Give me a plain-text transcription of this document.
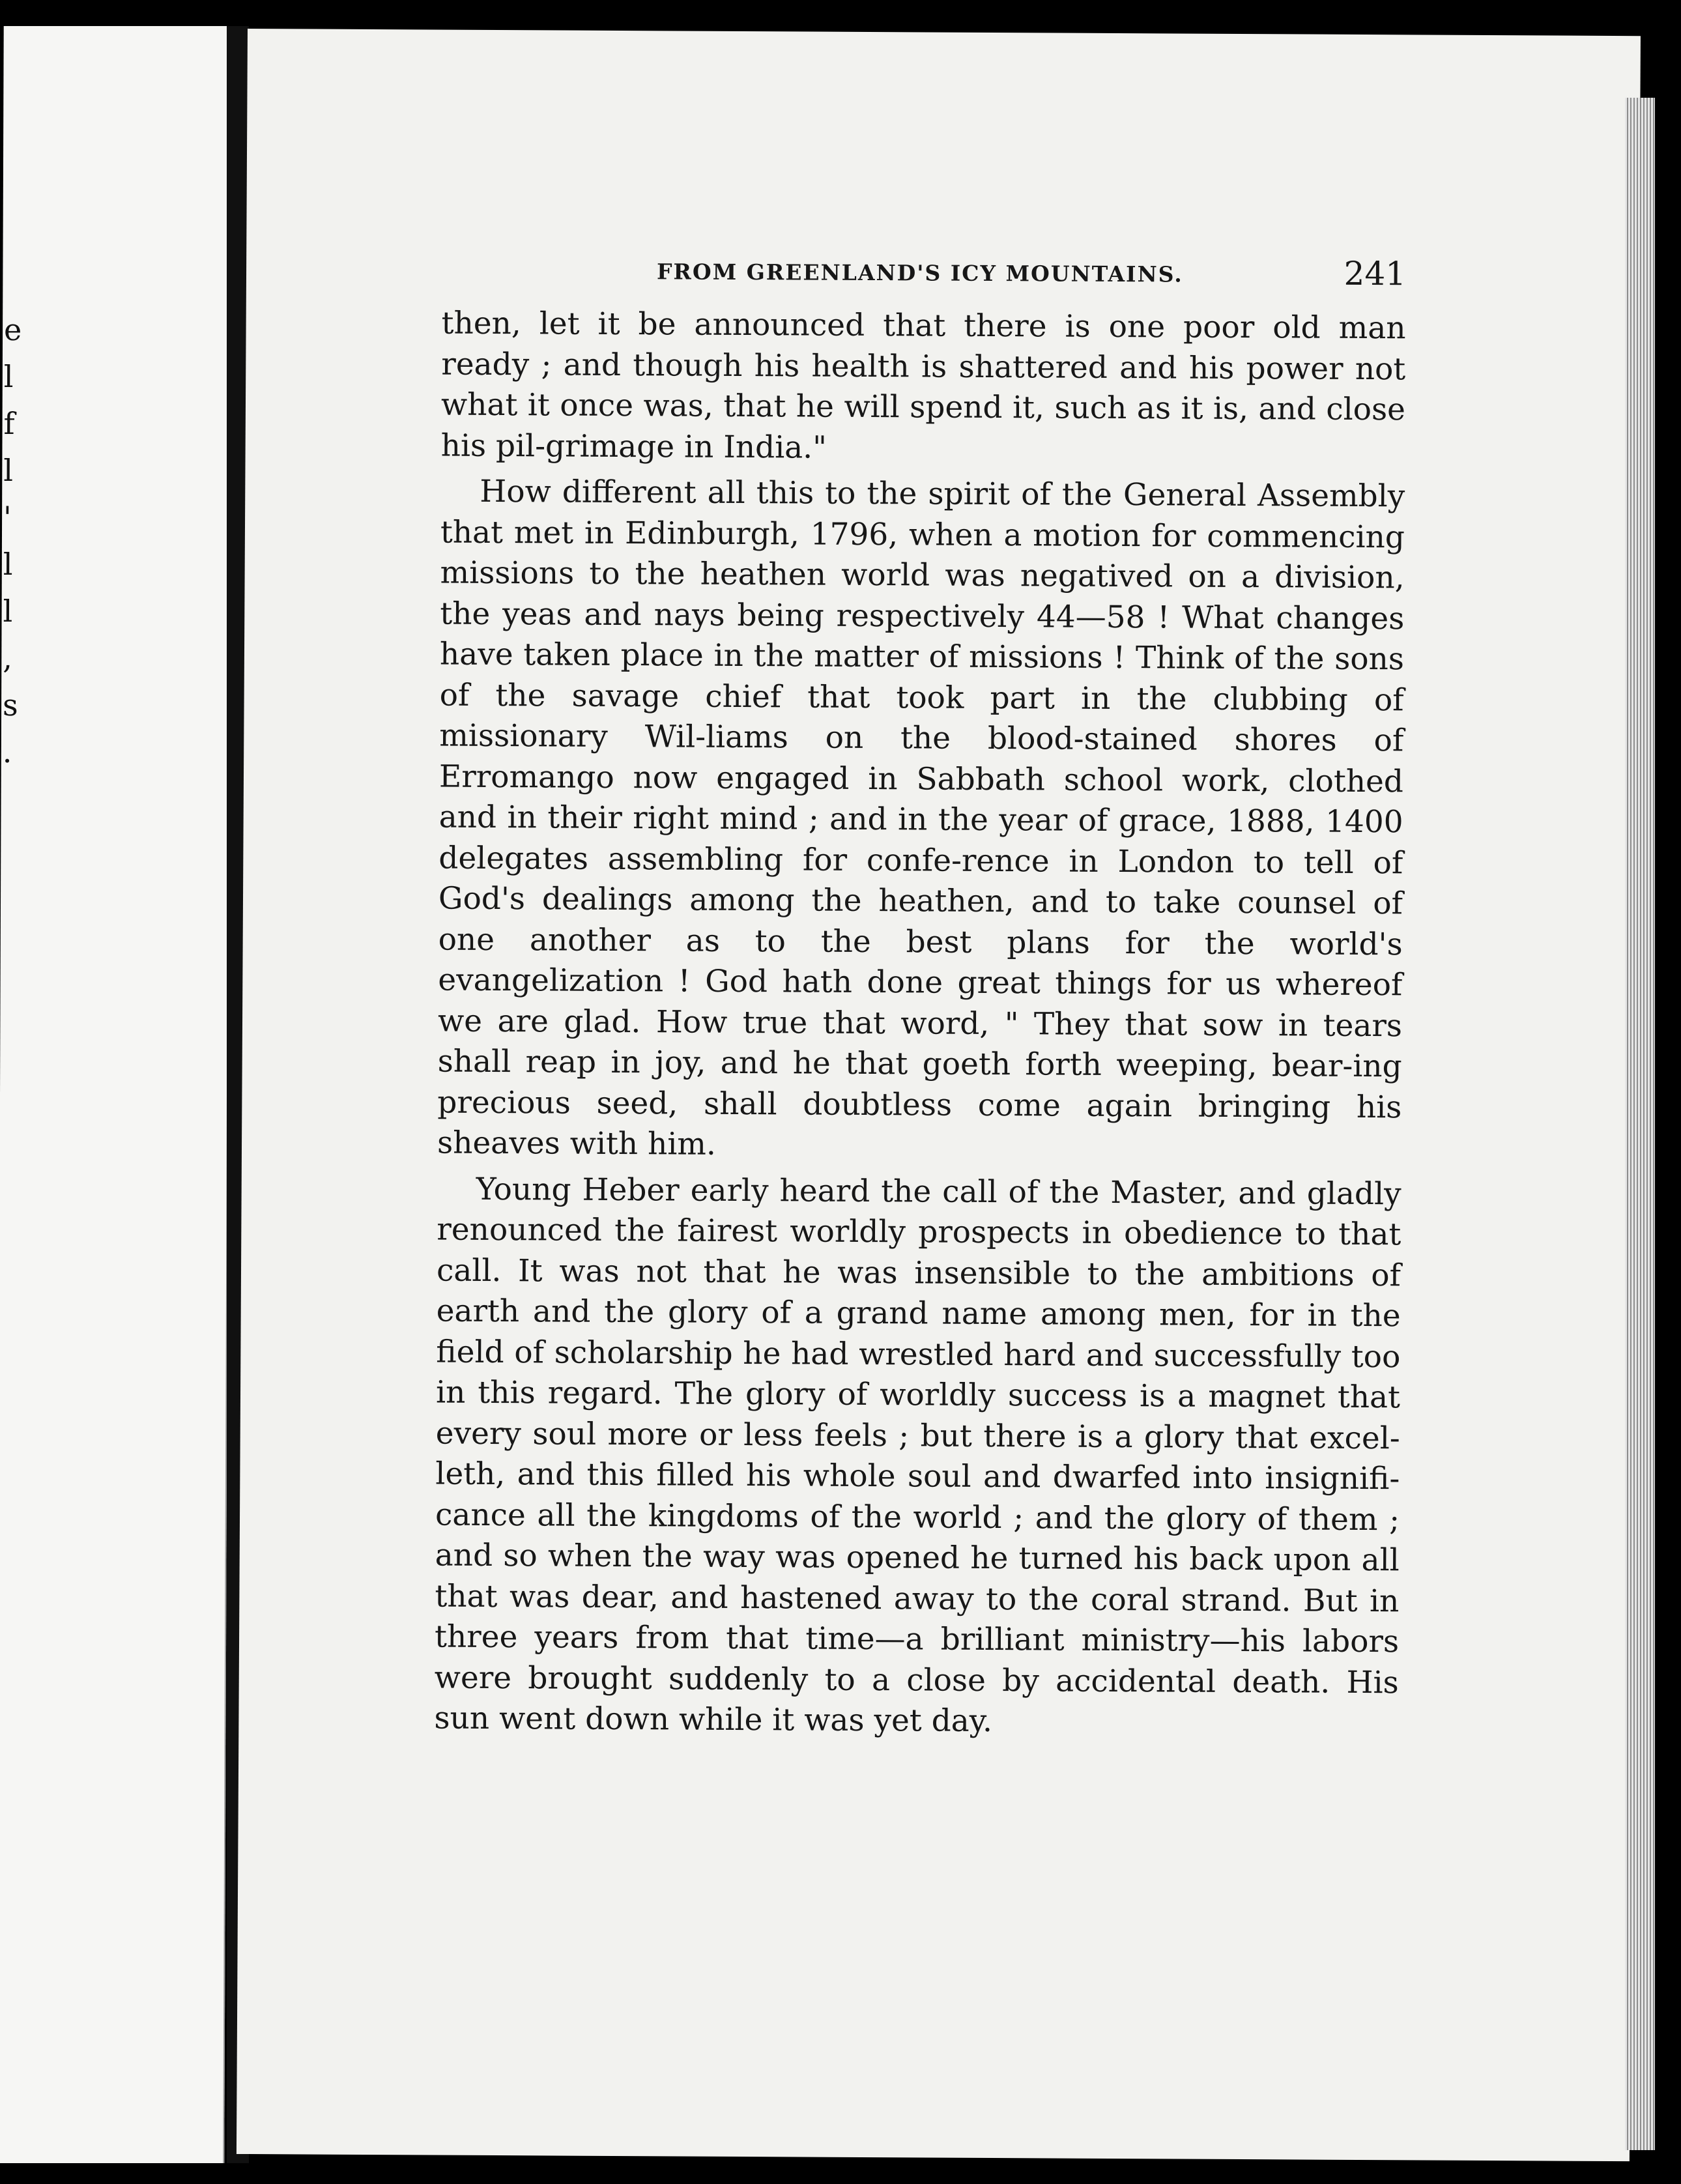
e
l
f
l
'
l
l
,
s
.
FROM GREENLAND'S ICY MOUNTAINS.	241

then, let it be announced that there is one poor old man ready ; and though his health is shattered and his power not what it once was, that he will spend it, such as it is, and close his pil-grimage in India."

How different all this to the spirit of the General Assembly that met in Edinburgh, 1796, when a motion for commencing missions to the heathen world was negatived on a division, the yeas and nays being respectively 44—58 ! What changes have taken place in the matter of missions ! Think of the sons of the savage chief that took part in the clubbing of missionary Wil-liams on the blood-stained shores of Erromango now engaged in Sabbath school work, clothed and in their right mind ; and in the year of grace, 1888, 1400 delegates assembling for confe-rence in London to tell of God's dealings among the heathen, and to take counsel of one another as to the best plans for the world's evangelization ! God hath done great things for us whereof we are glad. How true that word, " They that sow in tears shall reap in joy, and he that goeth forth weeping, bear-ing precious seed, shall doubtless come again bringing his sheaves with him.

Young Heber early heard the call of the Master, and gladly renounced the fairest worldly prospects in obedience to that call. It was not that he was insensible to the ambitions of earth and the glory of a grand name among men, for in the field of scholarship he had wrestled hard and successfully too in this regard. The glory of worldly success is a magnet that every soul more or less feels ; but there is a glory that excel-leth, and this filled his whole soul and dwarfed into insignifi-cance all the kingdoms of the world ; and the glory of them ; and so when the way was opened he turned his back upon all that was dear, and hastened away to the coral strand. But in three years from that time—a brilliant ministry—his labors were brought suddenly to a close by accidental death. His sun went down while it was yet day.
